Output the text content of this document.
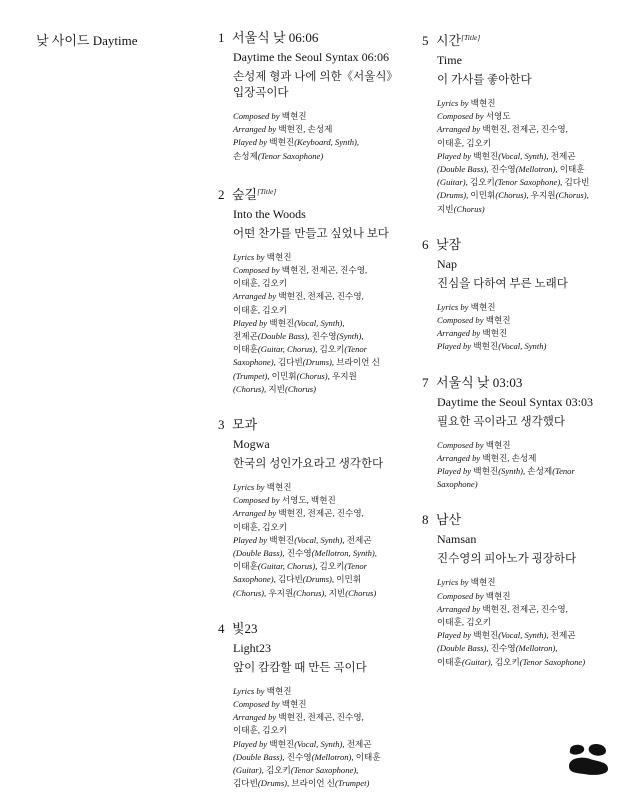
낮 사이드 Daytime	1 서울식 낮 06:06
Daytime the Seoul Syntax 06:06
손성제 형과 나에 의한《서울식》 입장곡이다
Composed by 백현진
Arranged by 백현진, 손성제
Played by 백현진(Keyboard, Synth),
손성제(Tenor Saxophone)
2 숲길[Title]
Into the Woods
어떤 찬가를 만들고 싶었나 보다
Lyrics by 백현진
Composed by 백현진, 전제곤, 진수영,
이태훈, 김오키
Arranged by 백현진, 전제곤, 진수영,
이태훈, 김오키
Played by 백현진(Vocal, Synth),
전제곤(Double Bass), 진수영(Synth),
이태훈(Guitar, Chorus), 김오키(Tenor
Saxophone), 김다빈(Drums), 브라이언 신
(Trumpet), 이민휘(Chorus), 우지원
(Chorus), 지빈(Chorus)
3 모과
Mogwa
한국의 성인가요라고 생각한다
Lyrics by 백현진
Composed by 서영도, 백현진
Arranged by 백현진, 전제곤, 진수영,
이태훈, 김오키
Played by 백현진(Vocal, Synth), 전제곤
(Double Bass), 진수영(Mellotron, Synth),
이태훈(Guitar, Chorus), 김오키(Tenor
Saxophone), 김다빈(Drums), 이민휘
(Chorus), 우지원(Chorus), 지빈(Chorus)
4 빛23
Light23
앞이 캄캄할 때 만든 곡이다
Lyrics by 백현진
Composed by 백현진
Arranged by 백현진, 전제곤, 진수영,
이태훈, 김오키
Played by 백현진(Vocal, Synth), 전제곤
(Double Bass), 진수영(Mellotron), 이태훈
(Guitar), 김오키(Tenor Saxophone),
김다빈(Drums), 브라이언 신(Trumpet)
5 시간[Title]
Time
이 가사를 좋아한다
Lyrics by 백현진
Composed by 서영도
Arranged by 백현진, 전제곤, 진수영,
이태훈, 김오키
Played by 백현진(Vocal, Synth), 전제곤
(Double Bass), 진수영(Mellotron), 이태훈
(Guitar), 김오키(Tenor Saxophone), 김다빈
(Drums), 이민휘(Chorus), 우지원(Chorus),
지빈(Chorus)
6 낮잠
Nap
진심을 다하여 부른 노래다
Lyrics by 백현진
Composed by 백현진
Arranged by 백현진
Played by 백현진(Vocal, Synth)
7 서울식 낮 03:03
Daytime the Seoul Syntax 03:03
필요한 곡이라고 생각했다
Composed by 백현진
Arranged by 백현진, 손성제
Played by 백현진(Synth), 손성제(Tenor
Saxophone)
8 남산
Namsan
진수영의 피아노가 굉장하다
Lyrics by 백현진
Composed by 백현진
Arranged by 백현진, 전제곤, 진수영,
이태훈, 김오키
Played by 백현진(Vocal, Synth), 전제곤
(Double Bass), 진수영(Mellotron),
이태훈(Guitar), 김오키(Tenor Saxophone)
